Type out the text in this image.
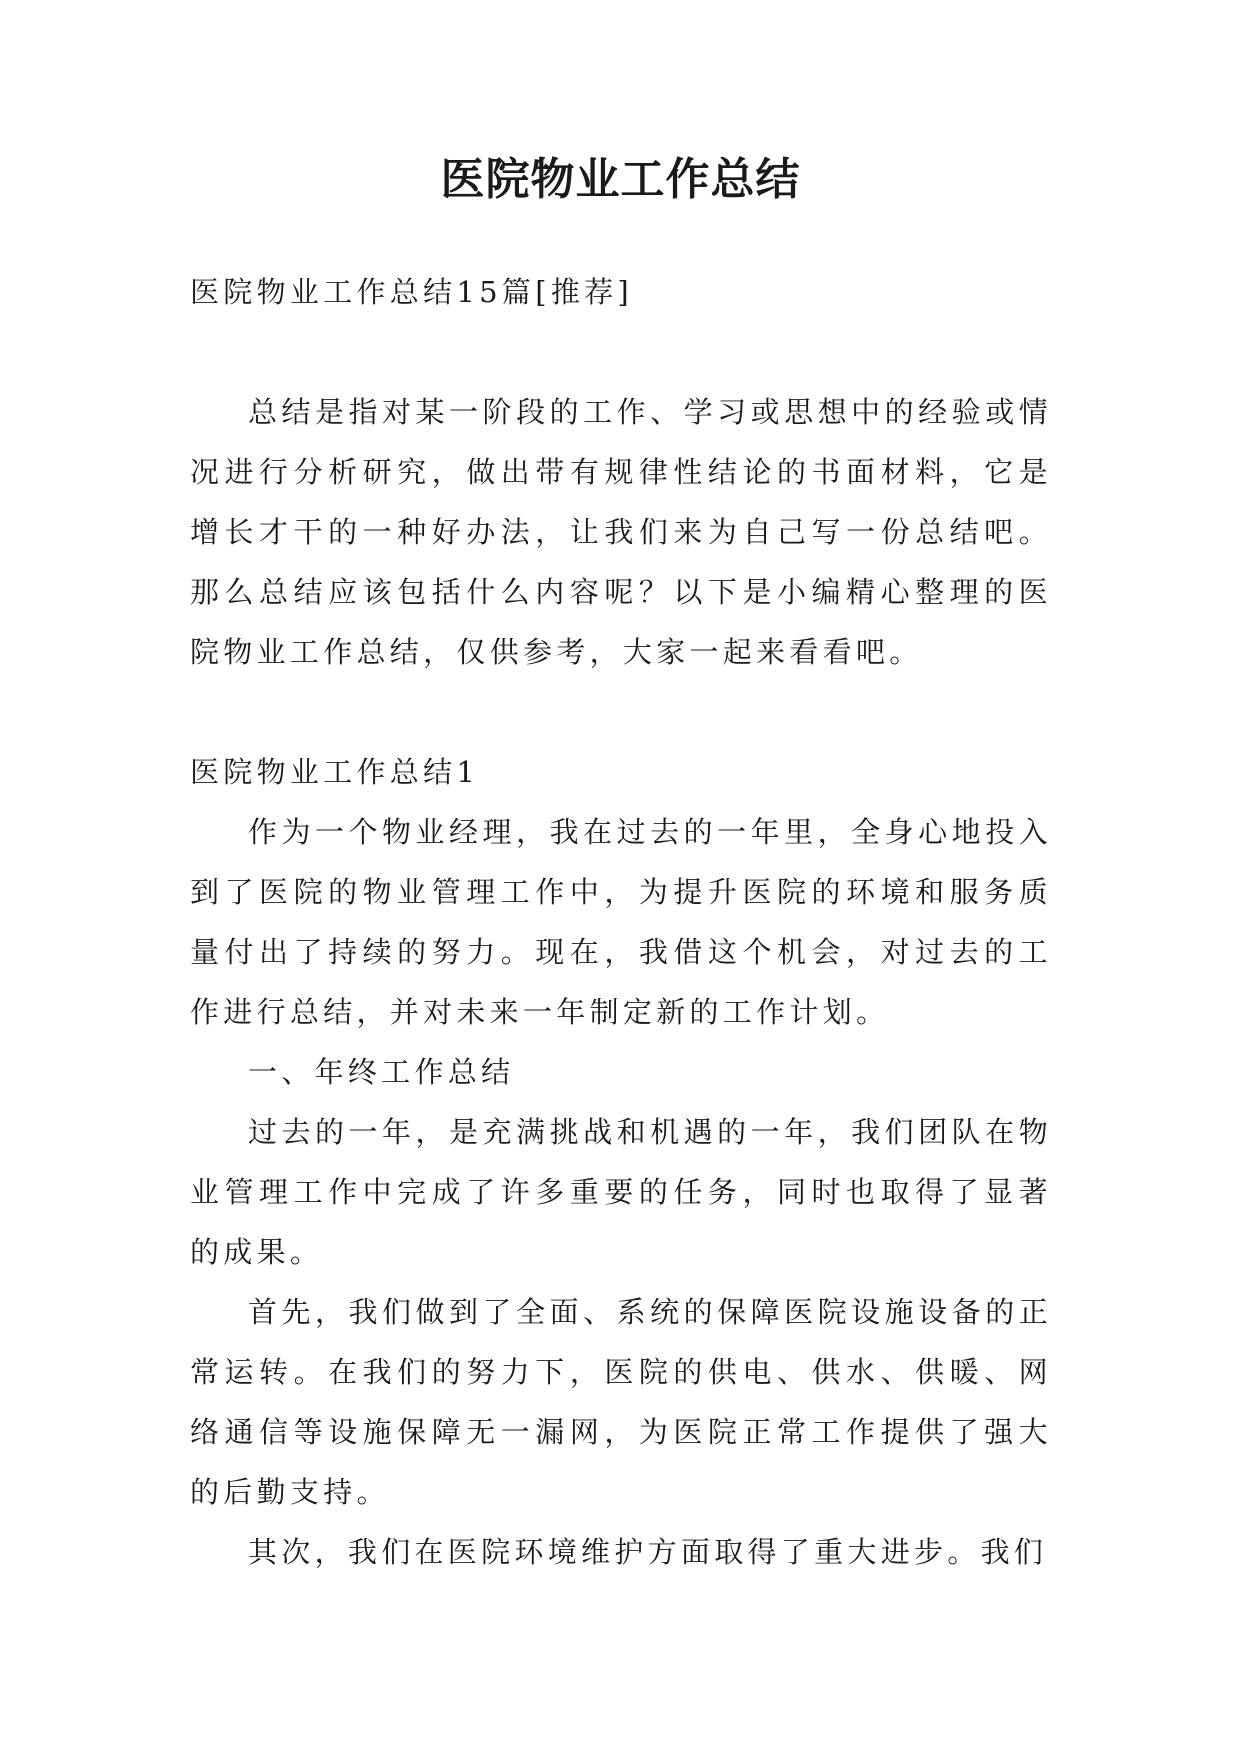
医院物业工作总结

医院物业工作总结15篇[推荐]

总结是指对某一阶段的工作、学习或思想中的经验或情况进行分析研究，做出带有规律性结论的书面材料，它是增长才干的一种好办法，让我们来为自己写一份总结吧。那么总结应该包括什么内容呢？以下是小编精心整理的医院物业工作总结，仅供参考，大家一起来看看吧。

医院物业工作总结1

作为一个物业经理，我在过去的一年里，全身心地投入到了医院的物业管理工作中，为提升医院的环境和服务质量付出了持续的努力。现在，我借这个机会，对过去的工作进行总结，并对未来一年制定新的工作计划。

一、年终工作总结

过去的一年，是充满挑战和机遇的一年，我们团队在物业管理工作中完成了许多重要的任务，同时也取得了显著的成果。

首先，我们做到了全面、系统的保障医院设施设备的正常运转。在我们的努力下，医院的供电、供水、供暖、网络通信等设施保障无一漏网，为医院正常工作提供了强大的后勤支持。

其次，我们在医院环境维护方面取得了重大进步。我们
